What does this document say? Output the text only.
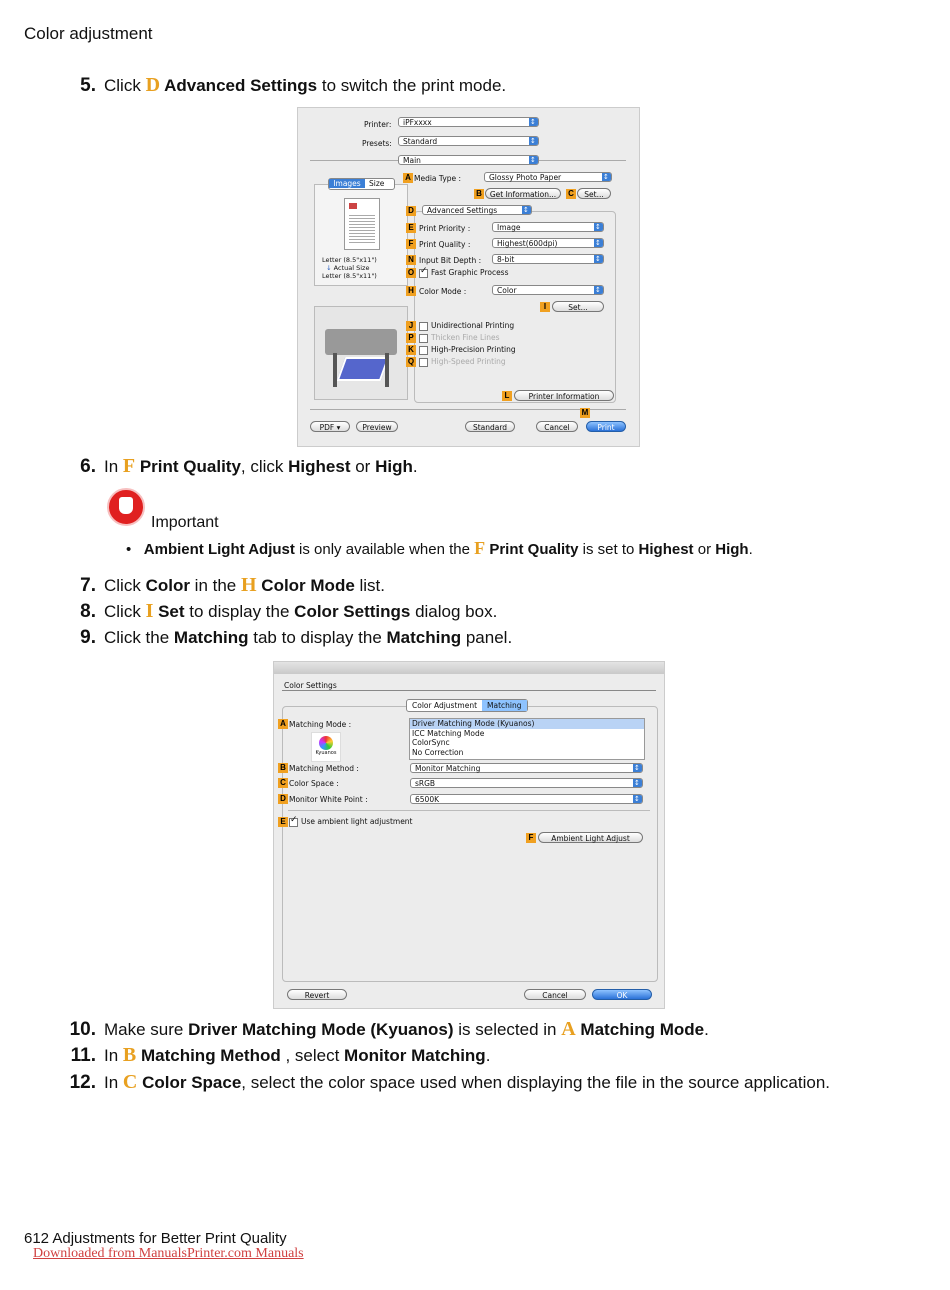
Color adjustment
5. Click D Advanced Settings to switch the print mode.
Printer:	iPFxxxx
↕
Presets:	Standard
↕
Main
↕
Images Size
Letter (8.5"x11")
↓ Actual Size
Letter (8.5"x11")
A Media Type :	Glossy Photo Paper
↕
B	Get Information...	C	Set...
D	Advanced Settings
↕
E Print Priority :	Image
↕
F Print Quality :	Highest(600dpi)
↕
N Input Bit Depth :	8-bit
↕
O ✓	Fast Graphic Process
H Color Mode :	Color
↕
I	Set...
J	Unidirectional Printing
P	Thicken Fine Lines
K	High-Precision Printing
Q	High-Speed Printing
L	Printer Information
M
PDF ▾	Preview	Standard	Cancel	Print
6. In F Print Quality, click Highest or High.
Important
• Ambient Light Adjust is only available when the F Print Quality is set to Highest or High.
7. Click Color in the H Color Mode list.
8. Click I Set to display the Color Settings dialog box.
9. Click the Matching tab to display the Matching panel.
Color Settings
Color Adjustment Matching
A Matching Mode :	Driver Matching Mode (Kyuanos)
ICC Matching Mode
ColorSync
No Correction
Kyuanos
B Matching Method :	Monitor Matching
↕
C Color Space :	sRGB
↕
D Monitor White Point :	6500K
↕
E ✓	Use ambient light adjustment
F	Ambient Light Adjust
Revert	Cancel	OK
10. Make sure Driver Matching Mode (Kyuanos) is selected in A Matching Mode.
11. In B Matching Method , select Monitor Matching.
12. In C Color Space, select the color space used when displaying the file in the source application.
612 Adjustments for Better Print Quality
Downloaded from ManualsPrinter.com Manuals
